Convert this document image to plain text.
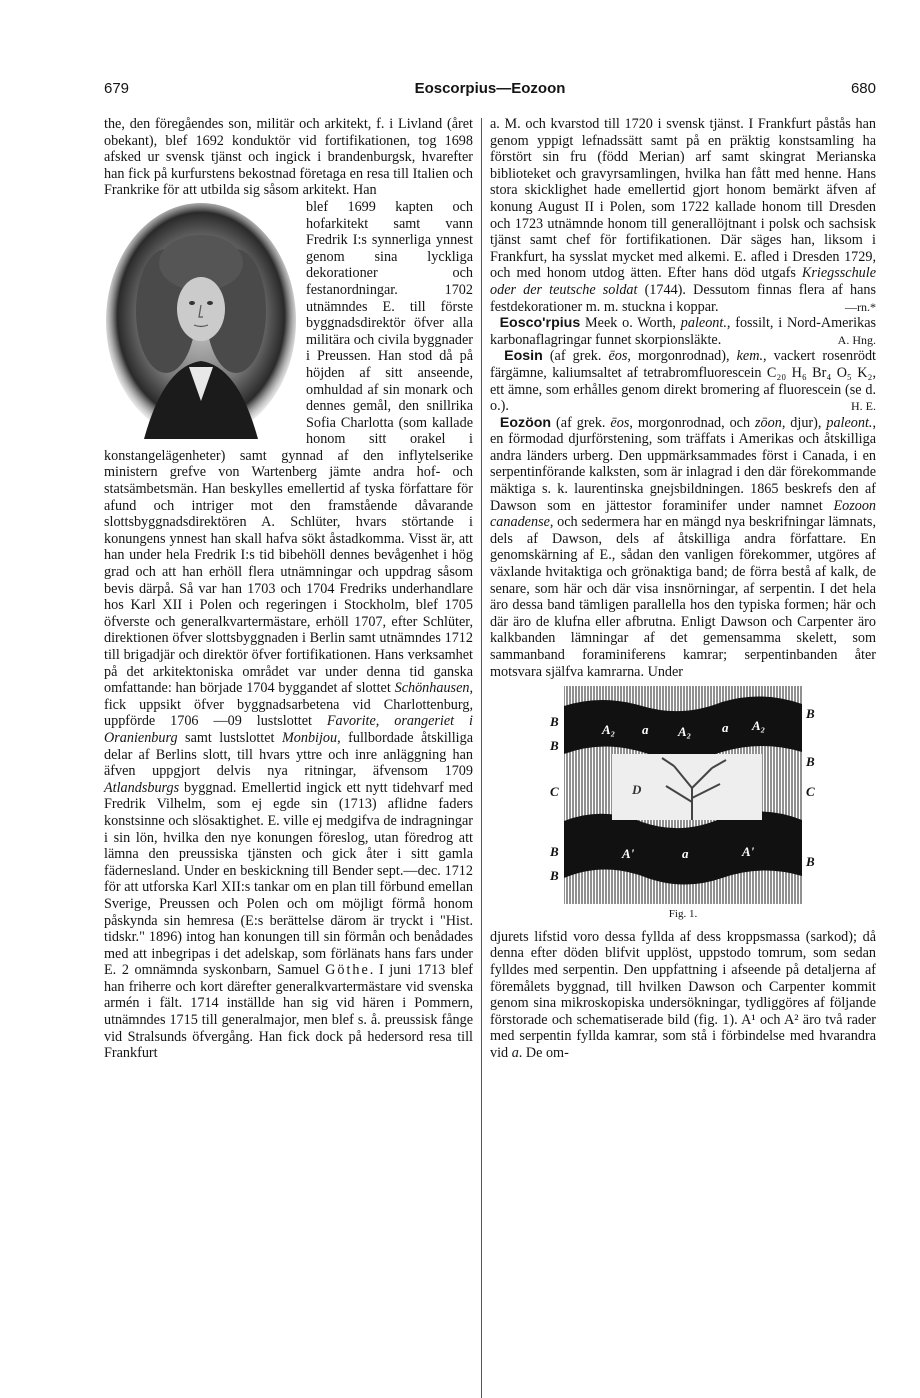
679	Eoscorpius—Eozoon	680

the, den föregåendes son, militär och arkitekt, f. i Livland (året obekant), blef 1692 konduktör vid fortifikationen, tog 1698 afsked ur svensk tjänst och ingick i brandenburgsk, hvarefter han fick på kurfurstens bekostnad företaga en resa till Italien och Frankrike för att utbilda sig såsom arkitekt. Han

blef 1699 kapten och hofarkitekt samt vann Fredrik I:s synnerliga ynnest genom sina lyckliga dekorationer och festanordningar. 1702 utnämndes E. till förste byggnadsdirektör öfver alla militära och civila byggnader i Preussen. Han stod då på höjden af sitt anseende, omhuldad af sin monark och dennes gemål, den snillrika Sofia Charlotta (som kallade honom sitt orakel i konstangelägenheter) samt gynnad af den inflytelserike ministern grefve von Wartenberg jämte andra hof- och statsämbetsmän. Han beskylles emellertid af tyska författare för afund och intriger mot den framstående dåvarande slottsbyggnadsdirektören A. Schlüter, hvars störtande i konungens ynnest han skall hafva sökt åstadkomma. Visst är, att han under hela Fredrik I:s tid bibehöll dennes bevågenhet i hög grad och att han erhöll flera utnämningar och uppdrag såsom bevis därpå. Så var han 1703 och 1704 Fredriks underhandlare hos Karl XII i Polen och regeringen i Stockholm, blef 1705 öfverste och generalkvartermästare, erhöll 1707, efter Schlüter, direktionen öfver slottsbyggnaden i Berlin samt utnämndes 1712 till brigadjär och direktör öfver fortifikationen. Hans verksamhet på det arkitektoniska området var under denna tid ganska omfattande: han började 1704 byggandet af slottet Schönhausen, fick uppsikt öfver byggnadsarbetena vid Charlottenburg, uppförde 1706 —09 lustslottet Favorite, orangeriet i Oranienburg samt lustslottet Monbijou, fullbordade åtskilliga delar af Berlins slott, till hvars yttre och inre anläggning han äfven uppgjort delvis nya ritningar, äfvensom 1709 Atlandsburgs byggnad. Emellertid ingick ett nytt tidehvarf med Fredrik Vilhelm, som ej egde sin (1713) aflidne faders konstsinne och slösaktighet. E. ville ej medgifva de indragningar i sin lön, hvilka den nye konungen föreslog, utan föredrog att lämna den preussiska tjänsten och gick åter i sitt gamla fädernesland. Under en beskickning till Bender sept.—dec. 1712 för att utforska Karl XII:s tankar om en plan till förbund emellan Sverige, Preussen och Polen och om möjligt förmå honom påskynda sin hemresa (E:s berättelse därom är tryckt i "Hist. tidskr." 1896) intog han konungen till sin förmån och benådades med att inbegripas i det adelskap, som förlänats hans fars under E. 2 omnämnda syskonbarn, Samuel Göthe. I juni 1713 blef han friherre och kort därefter generalkvartermästare vid svenska armén i fält. 1714 inställde han sig vid hären i Pommern, utnämndes 1715 till generalmajor, men blef s. å. preussisk fånge vid Stralsunds öfvergång. Han fick dock på hedersord resa till Frankfurt

a. M. och kvarstod till 1720 i svensk tjänst. I Frankfurt påstås han genom yppigt lefnadssätt samt på en präktig konstsamling ha förstört sin fru (född Merian) arf samt skingrat Merianska biblioteket och gravyrsamlingen, hvilka han fått med henne. Hans stora skicklighet hade emellertid gjort honom bemärkt äfven af konung August II i Polen, som 1722 kallade honom till Dresden och 1723 utnämnde honom till generallöjtnant i polsk och sachsisk tjänst samt chef för fortifikationen. Där säges han, liksom i Frankfurt, ha sysslat mycket med alkemi. E. afled i Dresden 1729, och med honom utdog ätten. Efter hans död utgafs Kriegsschule oder der teutsche soldat (1744). Dessutom finnas flera af hans festdekorationer m. m. stuckna i koppar.	—rn.*

Eosco'rpius Meek o. Worth, paleont., fossilt, i Nord-Amerikas karbonaflagringar funnet skorpionsläkte.	A. Hng.

Eosin (af grek. ēos, morgonrodnad), kem., vackert rosenrödt färgämne, kaliumsaltet af tetrabromfluorescein C₂₀ H₆ Br₄ O₅ K₂, ett ämne, som erhålles genom direkt bromering af fluorescein (se d. o.).	H. E.

Eozöon (af grek. ēos, morgonrodnad, och zōon, djur), paleont., en förmodad djurförstening, som träffats i Amerikas och åtskilliga andra länders urberg. Den uppmärksammades först i Canada, i en serpentinförande kalksten, som är inlagrad i den där förekommande mäktiga s. k. laurentinska gnejsbildningen. 1865 beskrefs den af Dawson som en jättestor foraminifer under namnet Eozoon canadense, och sedermera har en mängd nya beskrifningar lämnats, dels af Dawson, dels af åtskilliga andra författare. En genomskärning af E., sådan den vanligen förekommer, utgöres af växlande hvitaktiga och grönaktiga band; de förra bestå af kalk, de senare, som här och där visa insnörningar, af serpentin. I det hela äro dessa band tämligen parallella hos den typiska formen; här och där äro de klufna eller afbrutna. Enligt Dawson och Carpenter äro kalkbanden lämningar af det gemensamma skelett, som sammanband foraminiferens kamrar; serpentinbanden åter motsvara själfva kamrarna. Under

B
B
C
B
B
B
B
C
B
D
A₂	A₂	A₂
a	a
A'	A'
a
Fig. 1.

djurets lifstid voro dessa fyllda af dess kroppsmassa (sarkod); då denna efter döden blifvit upplöst, uppstodo tomrum, som sedan fylldes med serpentin. Den uppfattning i afseende på detaljerna af föremålets byggnad, till hvilken Dawson och Carpenter kommit genom sina mikroskopiska undersökningar, tydliggöres af följande förstorade och schematiserade bild (fig. 1). A¹ och A² äro två rader med serpentin fyllda kamrar, som stå i förbindelse med hvarandra vid a. De om-
